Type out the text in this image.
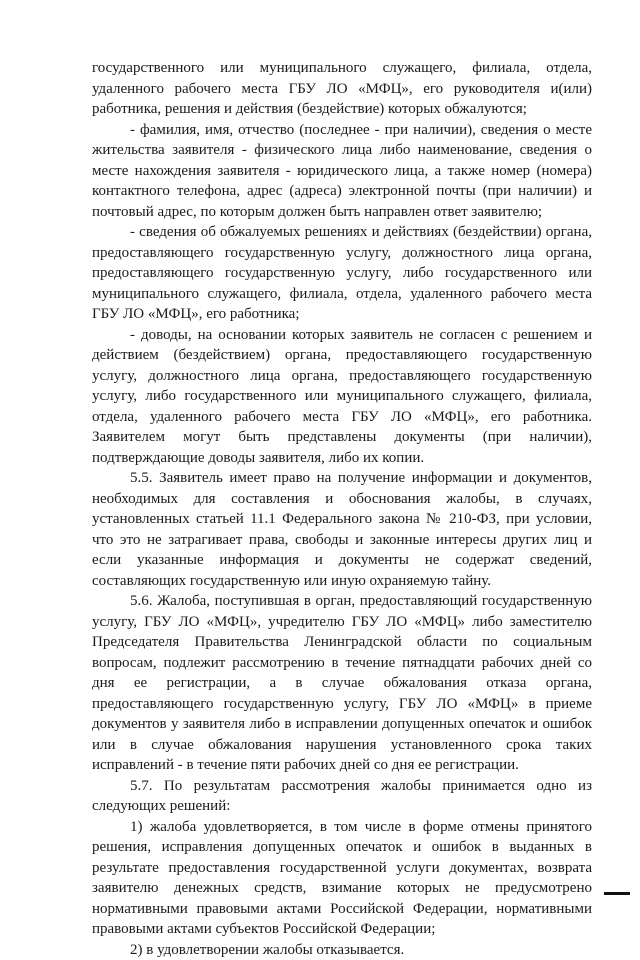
государственного или муниципального служащего, филиала, отдела, удаленного рабочего места ГБУ ЛО «МФЦ», его руководителя и(или) работника, решения и действия (бездействие) которых обжалуются;

- фамилия, имя, отчество (последнее - при наличии), сведения о месте жительства заявителя - физического лица либо наименование, сведения о месте нахождения заявителя - юридического лица, а также номер (номера) контактного телефона, адрес (адреса) электронной почты (при наличии) и почтовый адрес, по которым должен быть направлен ответ заявителю;

- сведения об обжалуемых решениях и действиях (бездействии) органа, предоставляющего государственную услугу, должностного лица органа, предоставляющего государственную услугу, либо государственного или муниципального служащего, филиала, отдела, удаленного рабочего места ГБУ ЛО «МФЦ», его работника;

- доводы, на основании которых заявитель не согласен с решением и действием (бездействием) органа, предоставляющего государственную услугу, должностного лица органа, предоставляющего государственную услугу, либо государственного или муниципального служащего, филиала, отдела, удаленного рабочего места ГБУ ЛО «МФЦ», его работника. Заявителем могут быть представлены документы (при наличии), подтверждающие доводы заявителя, либо их копии.

5.5. Заявитель имеет право на получение информации и документов, необходимых для составления и обоснования жалобы, в случаях, установленных статьей 11.1 Федерального закона № 210-ФЗ, при условии, что это не затрагивает права, свободы и законные интересы других лиц и если указанные информация и документы не содержат сведений, составляющих государственную или иную охраняемую тайну.

5.6. Жалоба, поступившая в орган, предоставляющий государственную услугу, ГБУ ЛО «МФЦ», учредителю ГБУ ЛО «МФЦ» либо заместителю Председателя Правительства Ленинградской области по социальным вопросам, подлежит рассмотрению в течение пятнадцати рабочих дней со дня ее регистрации, а в случае обжалования отказа органа, предоставляющего государственную услугу, ГБУ ЛО «МФЦ» в приеме документов у заявителя либо в исправлении допущенных опечаток и ошибок или в случае обжалования нарушения установленного срока таких исправлений - в течение пяти рабочих дней со дня ее регистрации.

5.7. По результатам рассмотрения жалобы принимается одно из следующих решений:

1) жалоба удовлетворяется, в том числе в форме отмены принятого решения, исправления допущенных опечаток и ошибок в выданных в результате предоставления государственной услуги документах, возврата заявителю денежных средств, взимание которых не предусмотрено нормативными правовыми актами Российской Федерации, нормативными правовыми актами субъектов Российской Федерации;

2) в удовлетворении жалобы отказывается.
